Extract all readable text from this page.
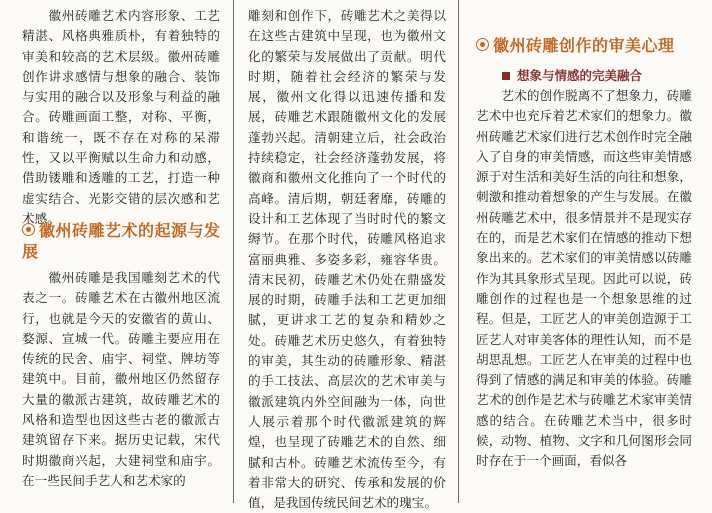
　　徽州砖雕艺术内容形象、工艺精湛、风格典雅质朴，有着独特的审美和较高的艺术层级。徽州砖雕创作讲求感情与想象的融合、装饰与实用的融合以及形象与利益的融合。砖雕画面工整，对称、平衡，和谐统一，既不存在对称的呆滞性，又以平衡赋以生命力和动感，借助镂雕和透雕的工艺，打造一种虚实结合、光影交错的层次感和艺术感。

徽州砖雕艺术的起源与发展

　　徽州砖雕是我国雕刻艺术的代表之一。砖雕艺术在古徽州地区流行，也就是今天的安徽省的黄山、婺源、宣城一代。砖雕主要应用在传统的民舍、庙宇、祠堂、牌坊等建筑中。目前，徽州地区仍然留存大量的徽派古建筑，故砖雕艺术的风格和造型也因这些古老的徽派古建筑留存下来。据历史记载，宋代时期徽商兴起，大建祠堂和庙宇。在一些民间手艺人和艺术家的

雕刻和创作下，砖雕艺术之美得以在这些古建筑中呈现，也为徽州文化的繁荣与发展做出了贡献。明代时期，随着社会经济的繁荣与发展，徽州文化得以迅速传播和发展，砖雕艺术跟随徽州文化的发展蓬勃兴起。清朝建立后，社会政治持续稳定，社会经济蓬勃发展，将徽商和徽州文化推向了一个时代的高峰。清后期，朝廷奢靡，砖雕的设计和工艺体现了当时时代的繁文缛节。在那个时代，砖雕风格追求富丽典雅、多姿多彩，雍容华贵。清末民初，砖雕艺术仍处在鼎盛发展的时期，砖雕手法和工艺更加细腻，更讲求工艺的复杂和精妙之处。砖雕艺术历史悠久，有着独特的审美，其生动的砖雕形象、精湛的手工技法、高层次的艺术审美与徽派建筑内外空间融为一体，向世人展示着那个时代徽派建筑的辉煌，也呈现了砖雕艺术的自然、细腻和古朴。砖雕艺术流传至今，有着非常大的研究、传承和发展的价值，是我国传统民间艺术的瑰宝。

徽州砖雕创作的审美心理
想象与情感的完美融合

　　艺术的创作脱离不了想象力，砖雕艺术中也充斥着艺术家们的想象力。徽州砖雕艺术家们进行艺术创作时完全融入了自身的审美情感，而这些审美情感源于对生活和美好生活的向往和想象，刺激和推动着想象的产生与发展。在徽州砖雕艺术中，很多情景并不是现实存在的，而是艺术家们在情感的推动下想象出来的。艺术家们的审美情感以砖雕作为其具象形式呈现。因此可以说，砖雕创作的过程也是一个想象思维的过程。但是，工匠艺人的审美创造源于工匠艺人对审美客体的理性认知，而不是胡思乱想。工匠艺人在审美的过程中也得到了情感的满足和审美的体验。砖雕艺术的创作是艺术与砖雕艺术家审美情感的结合。在砖雕艺术当中，很多时候，动物、植物、文字和几何图形会同时存在于一个画面，看似各
